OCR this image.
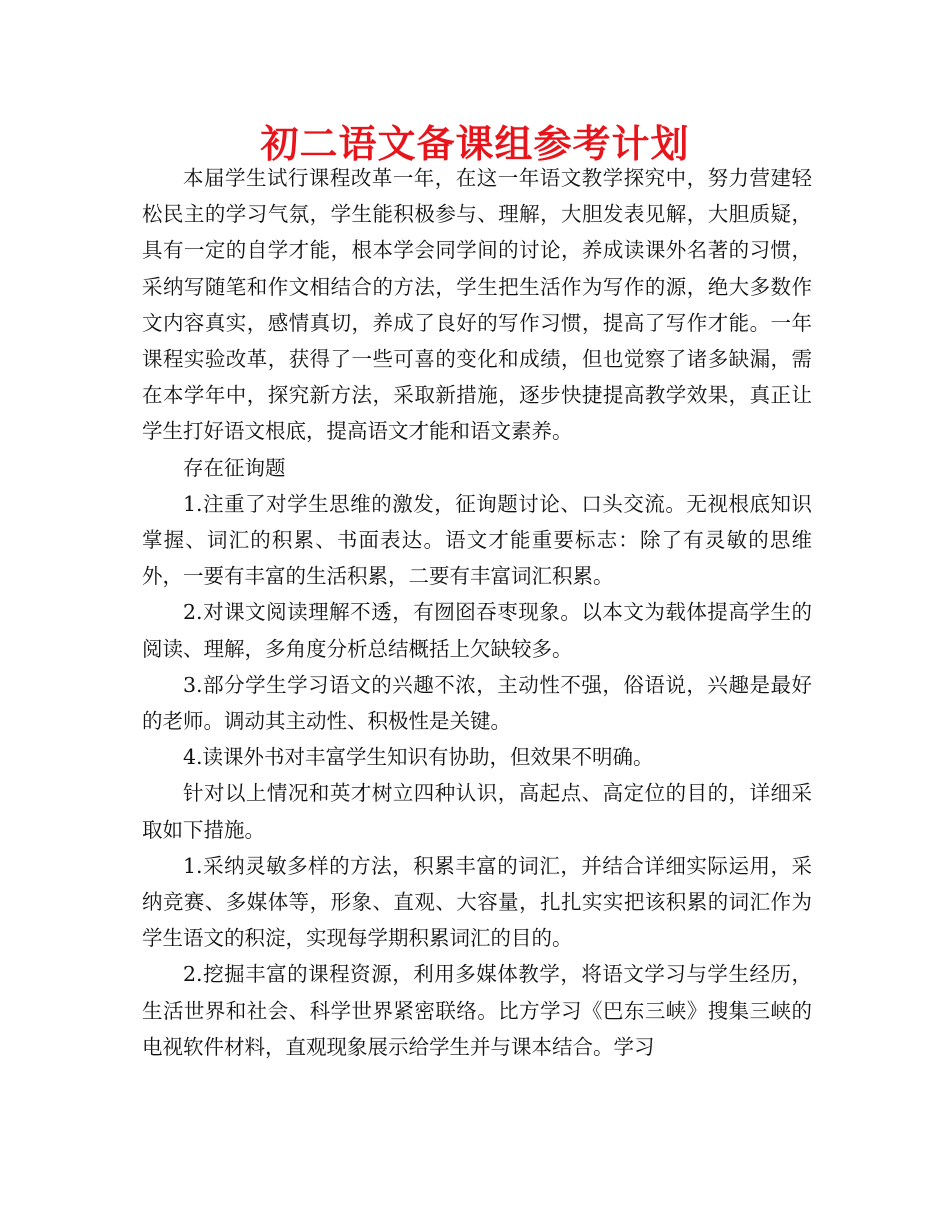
初二语文备课组参考计划

本届学生试行课程改革一年，在这一年语文教学探究中，努力营建轻松民主的学习气氛，学生能积极参与、理解，大胆发表见解，大胆质疑，具有一定的自学才能，根本学会同学间的讨论，养成读课外名著的习惯，采纳写随笔和作文相结合的方法，学生把生活作为写作的源，绝大多数作文内容真实，感情真切，养成了良好的写作习惯，提高了写作才能。一年课程实验改革，获得了一些可喜的变化和成绩，但也觉察了诸多缺漏，需在本学年中，探究新方法，采取新措施，逐步快捷提高教学效果，真正让学生打好语文根底，提高语文才能和语文素养。

存在征询题

1.注重了对学生思维的激发，征询题讨论、口头交流。无视根底知识掌握、词汇的积累、书面表达。语文才能重要标志：除了有灵敏的思维外，一要有丰富的生活积累，二要有丰富词汇积累。

2.对课文阅读理解不透，有囫囵吞枣现象。以本文为载体提高学生的阅读、理解，多角度分析总结概括上欠缺较多。

3.部分学生学习语文的兴趣不浓，主动性不强，俗语说，兴趣是最好的老师。调动其主动性、积极性是关键。

4.读课外书对丰富学生知识有协助，但效果不明确。

针对以上情况和英才树立四种认识，高起点、高定位的目的，详细采取如下措施。

1.采纳灵敏多样的方法，积累丰富的词汇，并结合详细实际运用，采纳竞赛、多媒体等，形象、直观、大容量，扎扎实实把该积累的词汇作为学生语文的积淀，实现每学期积累词汇的目的。

2.挖掘丰富的课程资源，利用多媒体教学，将语文学习与学生经历，生活世界和社会、科学世界紧密联络。比方学习《巴东三峡》搜集三峡的电视软件材料，直观现象展示给学生并与课本结合。学习
